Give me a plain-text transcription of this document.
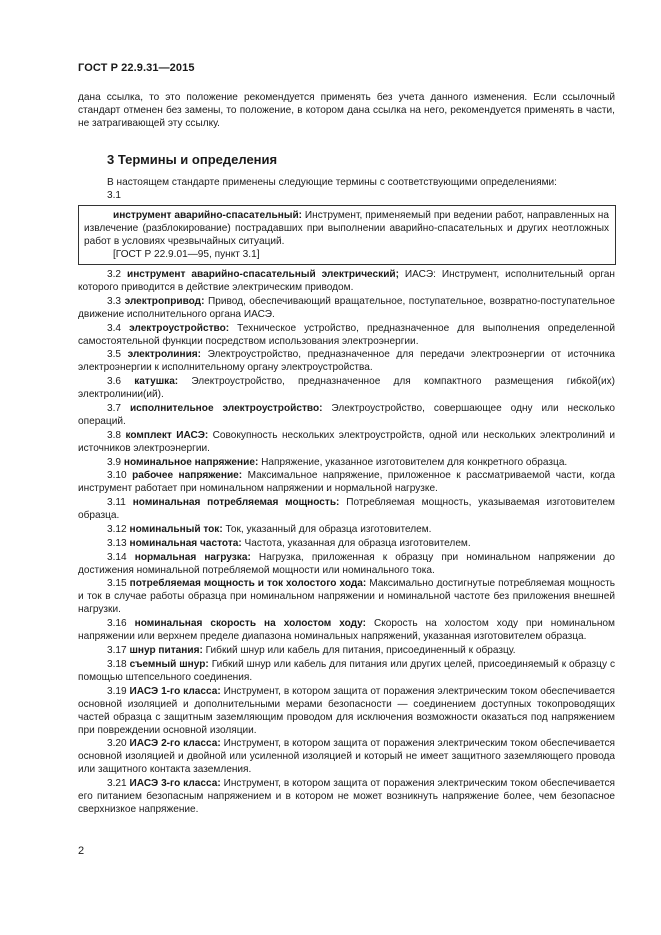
ГОСТ Р 22.9.31—2015

дана ссылка, то это положение рекомендуется применять без учета данного изменения. Если ссылочный стандарт отменен без замены, то положение, в котором дана ссылка на него, рекомендуется применять в части, не затрагивающей эту ссылку.

3 Термины и определения

В настоящем стандарте применены следующие термины с соответствующими определениями:

3.1

инструмент аварийно-спасательный: Инструмент, применяемый при ведении работ, направленных на извлечение (разблокирование) пострадавших при выполнении аварийно-спасательных и других неотложных работ в условиях чрезвычайных ситуаций.

[ГОСТ Р 22.9.01—95, пункт 3.1]

3.2 инструмент аварийно-спасательный электрический; ИАСЭ: Инструмент, исполнительный орган которого приводится в действие электрическим приводом.

3.3 электропривод: Привод, обеспечивающий вращательное, поступательное, возвратно-поступательное движение исполнительного органа ИАСЭ.

3.4 электроустройство: Техническое устройство, предназначенное для выполнения определенной самостоятельной функции посредством использования электроэнергии.

3.5 электролиния: Электроустройство, предназначенное для передачи электроэнергии от источника электроэнергии к исполнительному органу электроустройства.

3.6 катушка: Электроустройство, предназначенное для компактного размещения гибкой(их) электролинии(ий).

3.7 исполнительное электроустройство: Электроустройство, совершающее одну или несколько операций.

3.8 комплект ИАСЭ: Совокупность нескольких электроустройств, одной или нескольких электролиний и источников электроэнергии.

3.9 номинальное напряжение: Напряжение, указанное изготовителем для конкретного образца.

3.10 рабочее напряжение: Максимальное напряжение, приложенное к рассматриваемой части, когда инструмент работает при номинальном напряжении и нормальной нагрузке.

3.11 номинальная потребляемая мощность: Потребляемая мощность, указываемая изготовителем образца.

3.12 номинальный ток: Ток, указанный для образца изготовителем.

3.13 номинальная частота: Частота, указанная для образца изготовителем.

3.14 нормальная нагрузка: Нагрузка, приложенная к образцу при номинальном напряжении до достижения номинальной потребляемой мощности или номинального тока.

3.15 потребляемая мощность и ток холостого хода: Максимально достигнутые потребляемая мощность и ток в случае работы образца при номинальном напряжении и номинальной частоте без приложения внешней нагрузки.

3.16 номинальная скорость на холостом ходу: Скорость на холостом ходу при номинальном напряжении или верхнем пределе диапазона номинальных напряжений, указанная изготовителем образца.

3.17 шнур питания: Гибкий шнур или кабель для питания, присоединенный к образцу.

3.18 съемный шнур: Гибкий шнур или кабель для питания или других целей, присоединяемый к образцу с помощью штепсельного соединения.

3.19 ИАСЭ 1-го класса: Инструмент, в котором защита от поражения электрическим током обеспечивается основной изоляцией и дополнительными мерами безопасности — соединением доступных токопроводящих частей образца с защитным заземляющим проводом для исключения возможности оказаться под напряжением при повреждении основной изоляции.

3.20 ИАСЭ 2-го класса: Инструмент, в котором защита от поражения электрическим током обеспечивается основной изоляцией и двойной или усиленной изоляцией и который не имеет защитного заземляющего провода или защитного контакта заземления.

3.21 ИАСЭ 3-го класса: Инструмент, в котором защита от поражения электрическим током обеспечивается его питанием безопасным напряжением и в котором не может возникнуть напряжение более, чем безопасное сверхнизкое напряжение.

2
